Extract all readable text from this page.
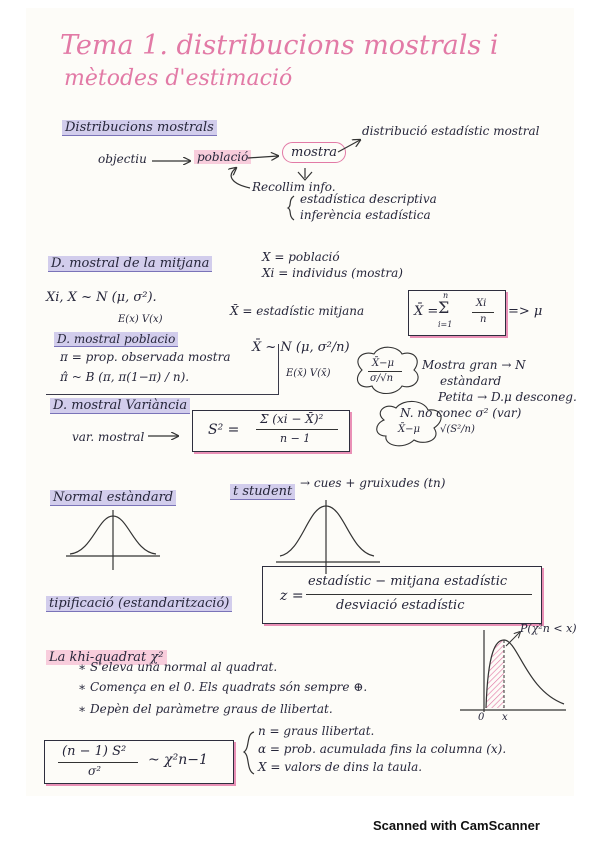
Tema 1. distribucions mostrals i
mètodes d'estimació
Distribucions mostrals
objectiu	població	mostra
distribució estadístic mostral
Recollim info.
estadística descriptiva
inferència estadística
D. mostral de la mitjana	X = població
Xi = individus (mostra)
Xi, X ~ N (μ, σ²).
E(x) V(x)
X̄ = estadístic mitjana
X̄ ~ N (μ, σ²/n)
E(x̄) V(x̄)
X̄ =
n
Σ
i=1
Xi
n
=> μ
D. mostral poblacio
π = prop. observada mostra
π̂ ~ B (π, π(1−π) / n).
X̄−μ
σ/√n
Mostra gran → N
estàndard
Petita → D.μ desconeg.
N. no conec σ² (var)
X̄−μ √(S²/n)
D. mostral Variància
var. mostral	S² =
Σ (xi − X̄)²
n − 1
Normal estàndard	t student
→ cues + gruixudes (tn)
tipificació (estandarització)	z =
estadístic − mitjana estadístic
desviació estadístic
La khi-quadrat χ²
∗ S'eleva una normal al quadrat.
∗ Comença en el 0. Els quadrats són sempre ⊕.
∗ Depèn del paràmetre graus de llibertat.
P(χ²n < x)
0 x
(n − 1) S²
σ²
~ χ²n−1
n = graus llibertat.
α = prob. acumulada fins la columna (x).
X = valors de dins la taula.
Scanned with CamScanner
